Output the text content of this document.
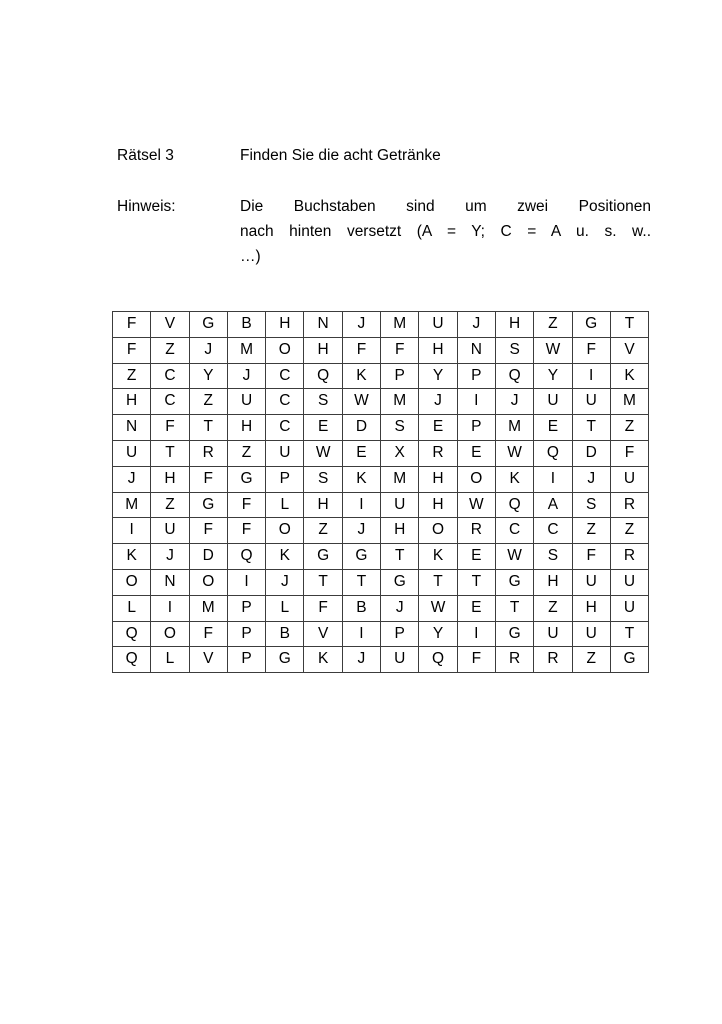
Rätsel 3	Finden Sie die acht Getränke
Hinweis:	Die Buchstaben sind um zwei Positionen
nach hinten versetzt (A = Y; C = A u. s. w..
…)
F	V	G	B	H	N	J	M	U	J	H	Z	G	T
F	Z	J	M	O	H	F	F	H	N	S	W	F	V
Z	C	Y	J	C	Q	K	P	Y	P	Q	Y	I	K
H	C	Z	U	C	S	W	M	J	I	J	U	U	M
N	F	T	H	C	E	D	S	E	P	M	E	T	Z
U	T	R	Z	U	W	E	X	R	E	W	Q	D	F
J	H	F	G	P	S	K	M	H	O	K	I	J	U
M	Z	G	F	L	H	I	U	H	W	Q	A	S	R
I	U	F	F	O	Z	J	H	O	R	C	C	Z	Z
K	J	D	Q	K	G	G	T	K	E	W	S	F	R
O	N	O	I	J	T	T	G	T	T	G	H	U	U
L	I	M	P	L	F	B	J	W	E	T	Z	H	U
Q	O	F	P	B	V	I	P	Y	I	G	U	U	T
Q	L	V	P	G	K	J	U	Q	F	R	R	Z	G
